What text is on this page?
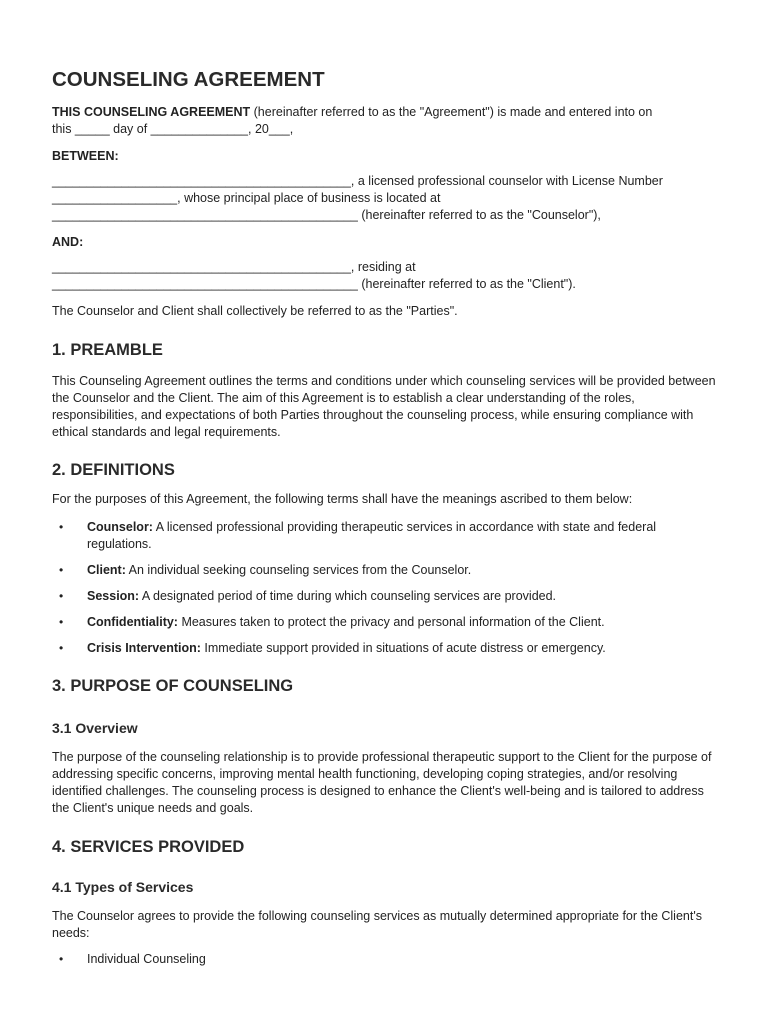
COUNSELING AGREEMENT
THIS COUNSELING AGREEMENT (hereinafter referred to as the "Agreement") is made and entered into on
this _____ day of ______________, 20___,
BETWEEN:
___________________________________________, a licensed professional counselor with License Number
__________________, whose principal place of business is located at
____________________________________________ (hereinafter referred to as the "Counselor"),
AND:
___________________________________________, residing at
____________________________________________ (hereinafter referred to as the "Client").
The Counselor and Client shall collectively be referred to as the "Parties".
1. PREAMBLE
This Counseling Agreement outlines the terms and conditions under which counseling services will be provided between the Counselor and the Client. The aim of this Agreement is to establish a clear understanding of the roles, responsibilities, and expectations of both Parties throughout the counseling process, while ensuring compliance with ethical standards and legal requirements.
2. DEFINITIONS
For the purposes of this Agreement, the following terms shall have the meanings ascribed to them below:
• Counselor: A licensed professional providing therapeutic services in accordance with state and federal regulations.
• Client: An individual seeking counseling services from the Counselor.
• Session: A designated period of time during which counseling services are provided.
• Confidentiality: Measures taken to protect the privacy and personal information of the Client.
• Crisis Intervention: Immediate support provided in situations of acute distress or emergency.
3. PURPOSE OF COUNSELING
3.1 Overview
The purpose of the counseling relationship is to provide professional therapeutic support to the Client for the purpose of addressing specific concerns, improving mental health functioning, developing coping strategies, and/or resolving identified challenges. The counseling process is designed to enhance the Client's well-being and is tailored to address the Client's unique needs and goals.
4. SERVICES PROVIDED
4.1 Types of Services
The Counselor agrees to provide the following counseling services as mutually determined appropriate for the Client's needs:
• Individual Counseling
